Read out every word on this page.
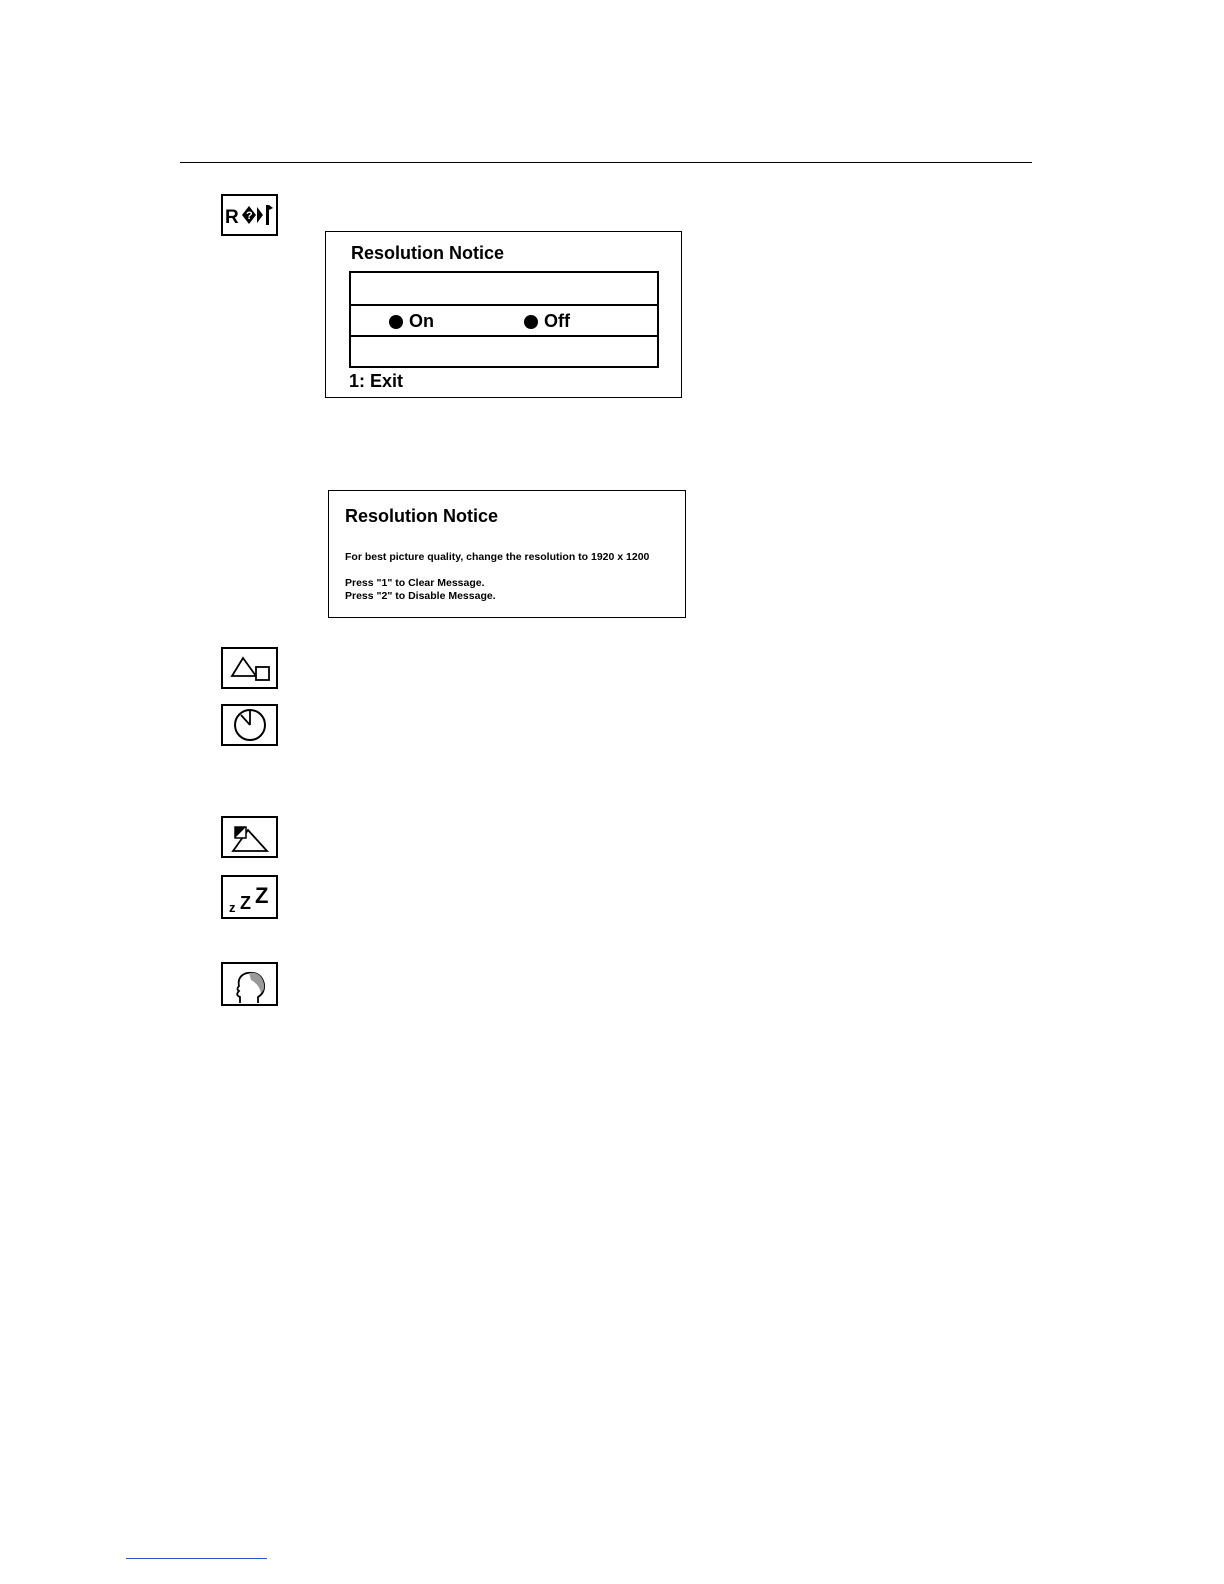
R ?
Resolution Notice
On	Off
1: Exit
Resolution Notice
For best picture quality, change the resolution to 1920 x 1200
Press "1" to Clear Message.
Press "2" to Disable Message.
z Z Z
